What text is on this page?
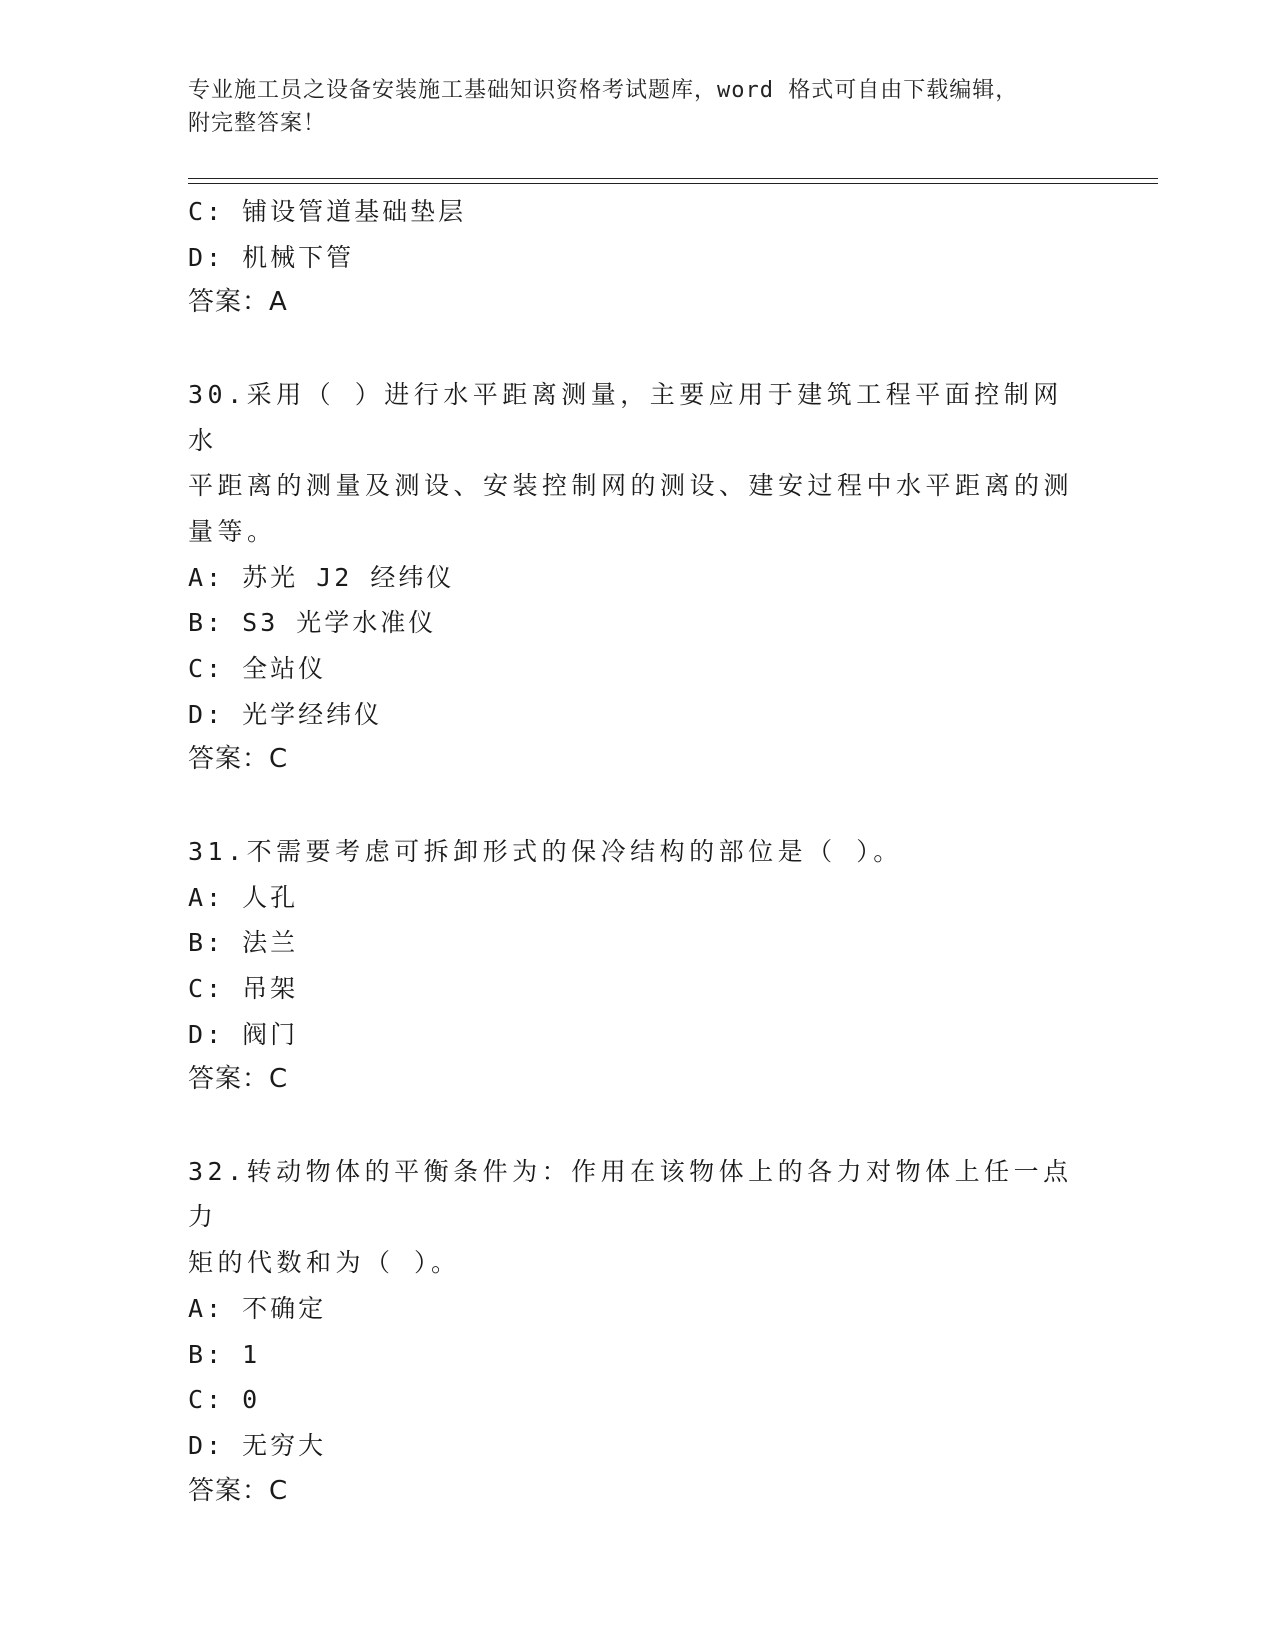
专业施工员之设备安装施工基础知识资格考试题库，word 格式可自由下载编辑，
附完整答案！
C: 铺设管道基础垫层
D: 机械下管
答案：A
30.采用（ ）进行水平距离测量，主要应用于建筑工程平面控制网水
平距离的测量及测设、安装控制网的测设、建安过程中水平距离的测
量等。
A: 苏光 J2 经纬仪
B: S3 光学水准仪
C: 全站仪
D: 光学经纬仪
答案：C
31.不需要考虑可拆卸形式的保冷结构的部位是（ ）。
A: 人孔
B: 法兰
C: 吊架
D: 阀门
答案：C
32.转动物体的平衡条件为：作用在该物体上的各力对物体上任一点力
矩的代数和为（ ）。
A: 不确定
B: 1
C: 0
D: 无穷大
答案：C
